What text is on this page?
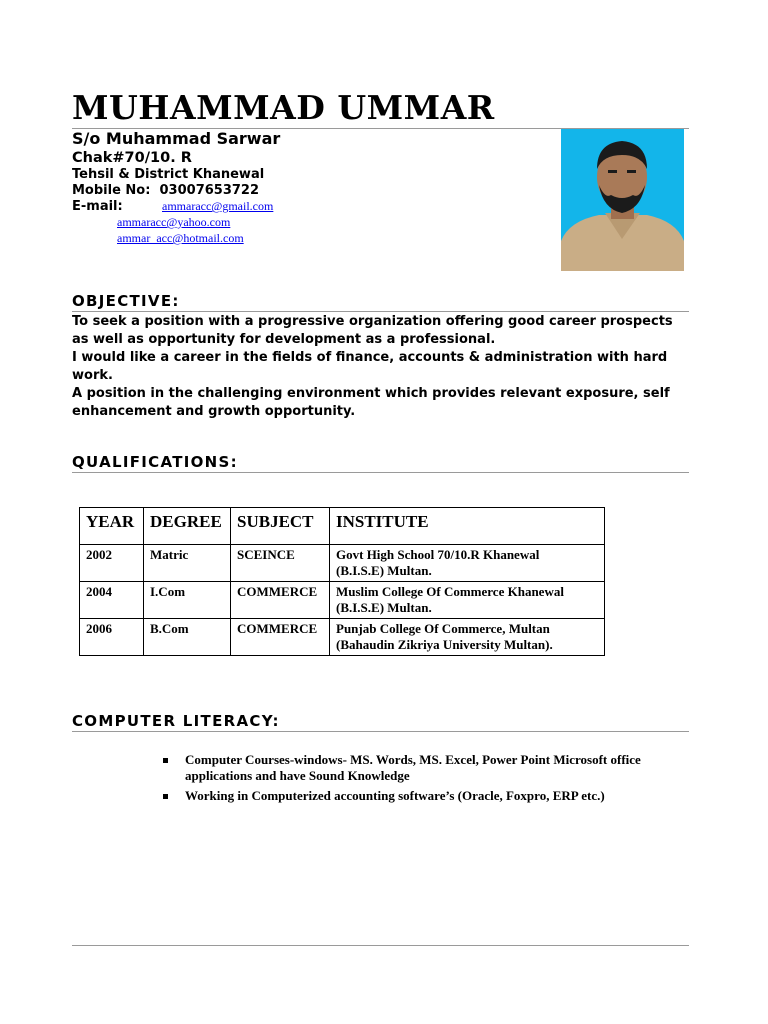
MUHAMMAD UMMAR
S/o Muhammad Sarwar
Chak#70/10. R
Tehsil & District Khanewal
Mobile No: 03007653722
E-mail:	ammaracc@gmail.com
ammaracc@yahoo.com
ammar_acc@hotmail.com
OBJECTIVE:
To seek a position with a progressive organization offering good career prospects as well as opportunity for development as a professional.
I would like a career in the fields of finance, accounts & administration with hard work.
A position in the challenging environment which provides relevant exposure, self enhancement and growth opportunity.
QUALIFICATIONS:
YEAR	DEGREE	SUBJECT	INSTITUTE
2002	Matric	SCEINCE	Govt High School 70/10.R Khanewal
(B.I.S.E) Multan.
2004	I.Com	COMMERCE	Muslim College Of Commerce Khanewal
(B.I.S.E) Multan.
2006	B.Com	COMMERCE	Punjab College Of Commerce, Multan
(Bahaudin Zikriya University Multan).
COMPUTER LITERACY:
Computer Courses-windows- MS. Words, MS. Excel, Power Point Microsoft office applications and have Sound Knowledge
Working in Computerized accounting software’s (Oracle, Foxpro, ERP etc.)
